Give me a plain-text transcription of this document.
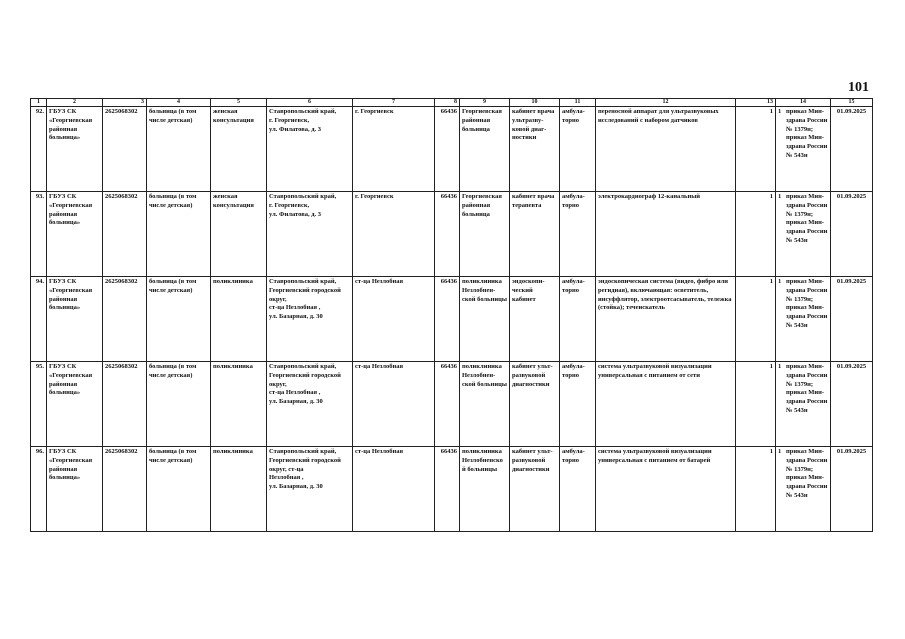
101
1	2	3	4	5	6	7	8	9	10	11	12	13	14	15
92.	ГБУЗ СК «Георгиевская районная больница»	2625068302	больница (в том числе детская)	женская консультация	Ставропольский край,
г. Георгиевск,
ул. Филатова, д. 3	г. Георгиевск	66436	Георгиевская районная больница	кабинет врача ультразву-ковой диаг-ностики	амбула-торно	переносной аппарат для ультразвуковых исследований с набором датчиков	1	1 приказ Мин-здрава России № 1379н; приказ Мин-здрава России № 543н	01.09.2025
93.	ГБУЗ СК «Георгиевская районная больница»	2625068302	больница (в том числе детская)	женская консультация	Ставропольский край,
г. Георгиевск,
ул. Филатова, д. 3	г. Георгиевск	66436	Георгиевская районная больница	кабинет врача терапевта	амбула-торно	электрокардиограф 12-канальный	1	1 приказ Мин-здрава России № 1379н; приказ Мин-здрава России № 543н	01.09.2025
94.	ГБУЗ СК «Георгиевская районная больница»	2625068302	больница (в том числе детская)	поликлиника	Ставропольский край, Георгиевский городской округ,
ст-ца Незлобная ,
ул. Базарная, д. 30	ст-ца Незлобная	66436	поликлиника Незлобнен-ской больницы	эндоскопи-ческий кабинет	амбула-торно	эндоскопическая система (видео, фибро или регидная), включающая: осветитель, инсуффлятор, электроотсасыватель, тележка (стойка); течеискатель	1	1 приказ Мин-здрава России № 1379н; приказ Мин-здрава России № 543н	01.09.2025
95.	ГБУЗ СК «Георгиевская районная больница»	2625068302	больница (в том числе детская)	поликлиника	Ставропольский край, Георгиевский городской округ,
ст-ца Незлобная ,
ул. Базарная, д. 30	ст-ца Незлобная	66436	поликлиника Незлобнен-ской больницы	кабинет ульт-развуковой диагностики	амбула-торно	система ультразвуковой визуализации универсальная с питанием от сети	1	1 приказ Мин-здрава России № 1379н; приказ Мин-здрава России № 543н	01.09.2025
96.	ГБУЗ СК «Георгиевская районная больница»	2625068302	больница (в том числе детская)	поликлиника	Ставропольский край, Георгиевский городской округ, ст-ца
Незлобная ,
ул. Базарная, д. 30	ст-ца Незлобная	66436	поликлиника Незлобненско й больницы	кабинет ульт-развуковой диагностики	амбула-торно	система ультразвуковой визуализации универсальная с питанием от батарей	1	1 приказ Мин-здрава России № 1379н; приказ Мин-здрава России № 543н	01.09.2025
